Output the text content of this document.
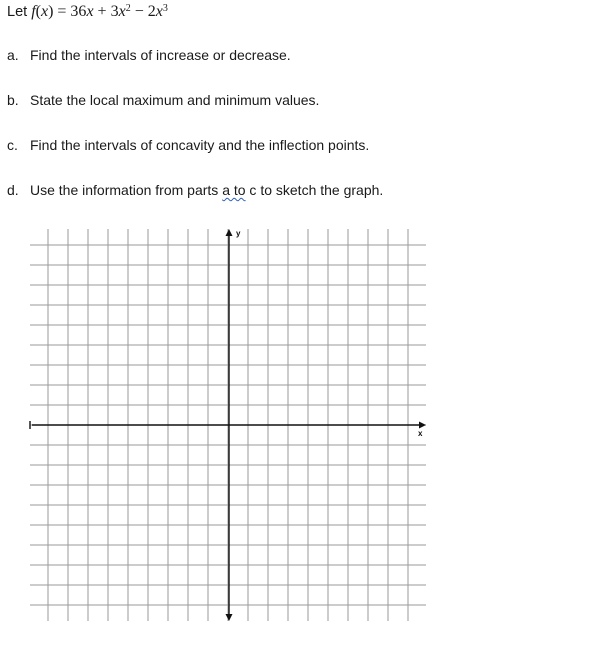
Let $f(x) = 36x + 3x^2 - 2x^3$
a. Find the intervals of increase or decrease.
b. State the local maximum and minimum values.
c. Find the intervals of concavity and the inflection points.
d. Use the information from parts a to c to sketch the graph.
x
y
